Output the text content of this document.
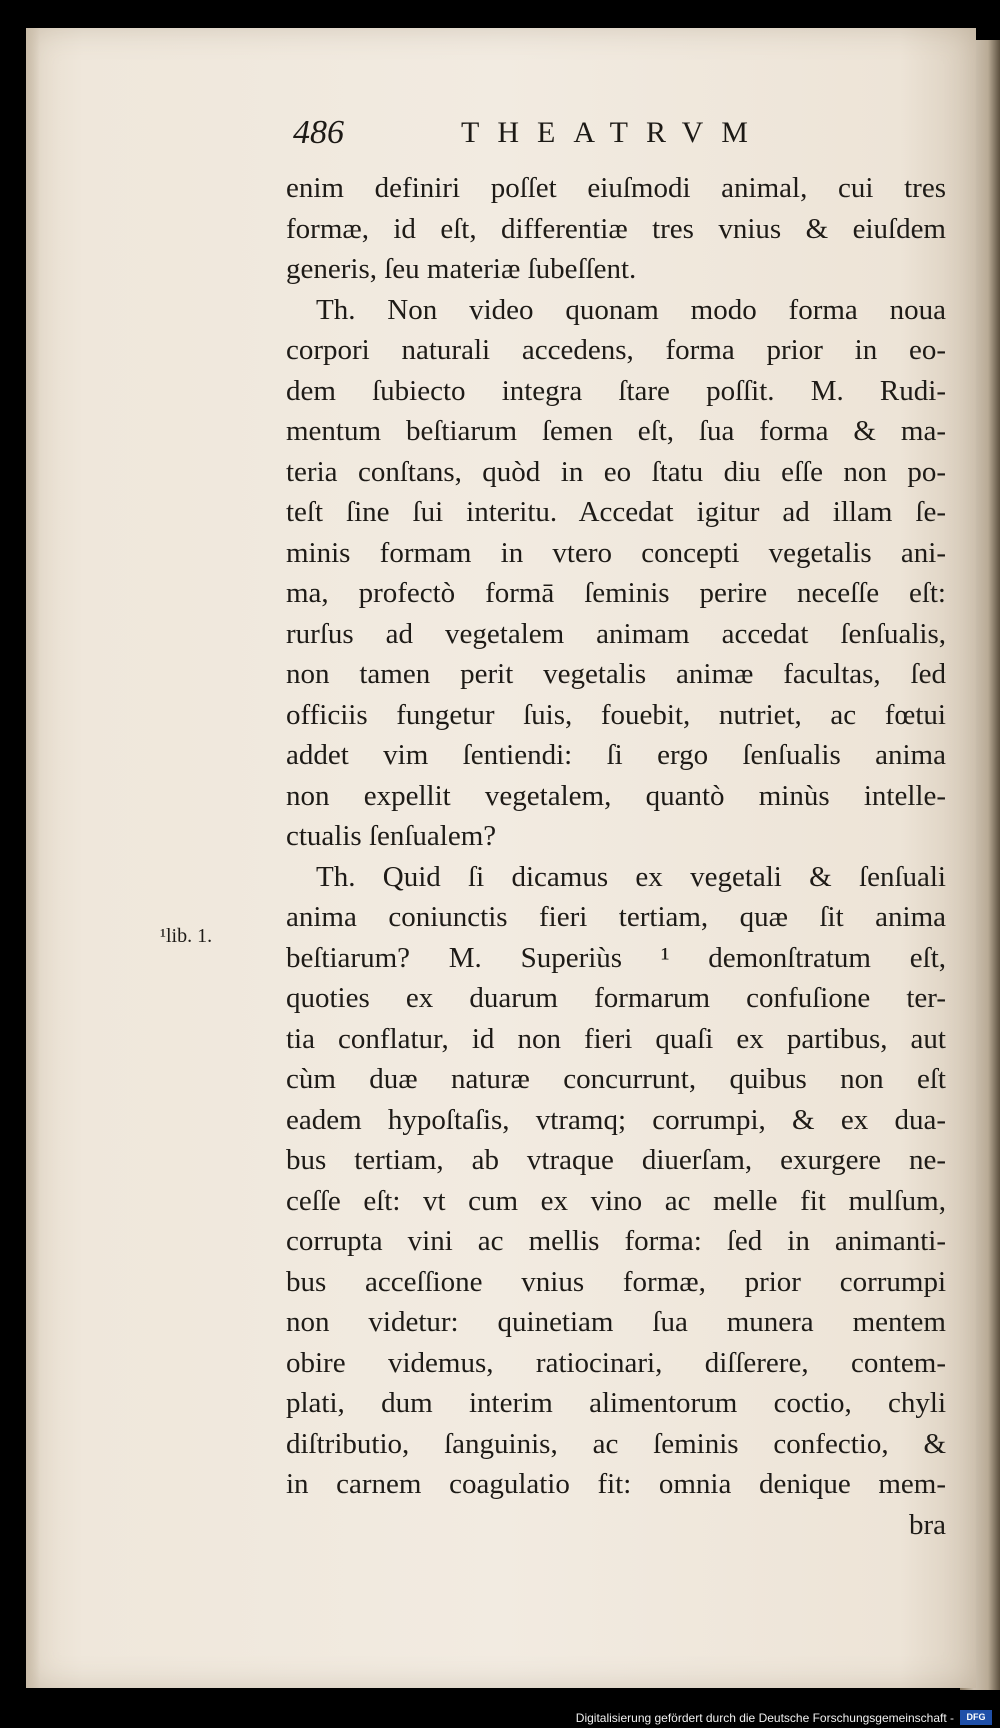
486	THEATRVM
¹lib. 1.
enim definiri poſſet eiuſmodi animal, cui tres
formæ, id eſt, differentiæ tres vnius & eiuſdem
generis, ſeu materiæ ſubeſſent.
Th. Non video quonam modo forma noua
corpori naturali accedens, forma prior in eo-
dem ſubiecto integra ſtare poſſit. M. Rudi-
mentum beſtiarum ſemen eſt, ſua forma & ma-
teria conſtans, quòd in eo ſtatu diu eſſe non po-
teſt ſine ſui interitu. Accedat igitur ad illam ſe-
minis formam in vtero concepti vegetalis ani-
ma, profectò formā ſeminis perire neceſſe eſt:
rurſus ad vegetalem animam accedat ſenſualis,
non tamen perit vegetalis animæ facultas, ſed
officiis fungetur ſuis, fouebit, nutriet, ac fœtui
addet vim ſentiendi: ſi ergo ſenſualis anima
non expellit vegetalem, quantò minùs intelle-
ctualis ſenſualem?
Th. Quid ſi dicamus ex vegetali & ſenſuali
anima coniunctis fieri tertiam, quæ ſit anima
beſtiarum? M. Superiùs ¹ demonſtratum eſt,
quoties ex duarum formarum confuſione ter-
tia conflatur, id non fieri quaſi ex partibus, aut
cùm duæ naturæ concurrunt, quibus non eſt
eadem hypoſtaſis, vtramq; corrumpi, & ex dua-
bus tertiam, ab vtraque diuerſam, exurgere ne-
ceſſe eſt: vt cum ex vino ac melle fit mulſum,
corrupta vini ac mellis forma: ſed in animanti-
bus acceſſione vnius formæ, prior corrumpi
non videtur: quinetiam ſua munera mentem
obire videmus, ratiocinari, diſſerere, contem-
plati, dum interim alimentorum coctio, chyli
diſtributio, ſanguinis, ac ſeminis confectio, &
in carnem coagulatio fit: omnia denique mem-
bra
Digitalisierung gefördert durch die Deutsche Forschungsgemeinschaft -	DFG
